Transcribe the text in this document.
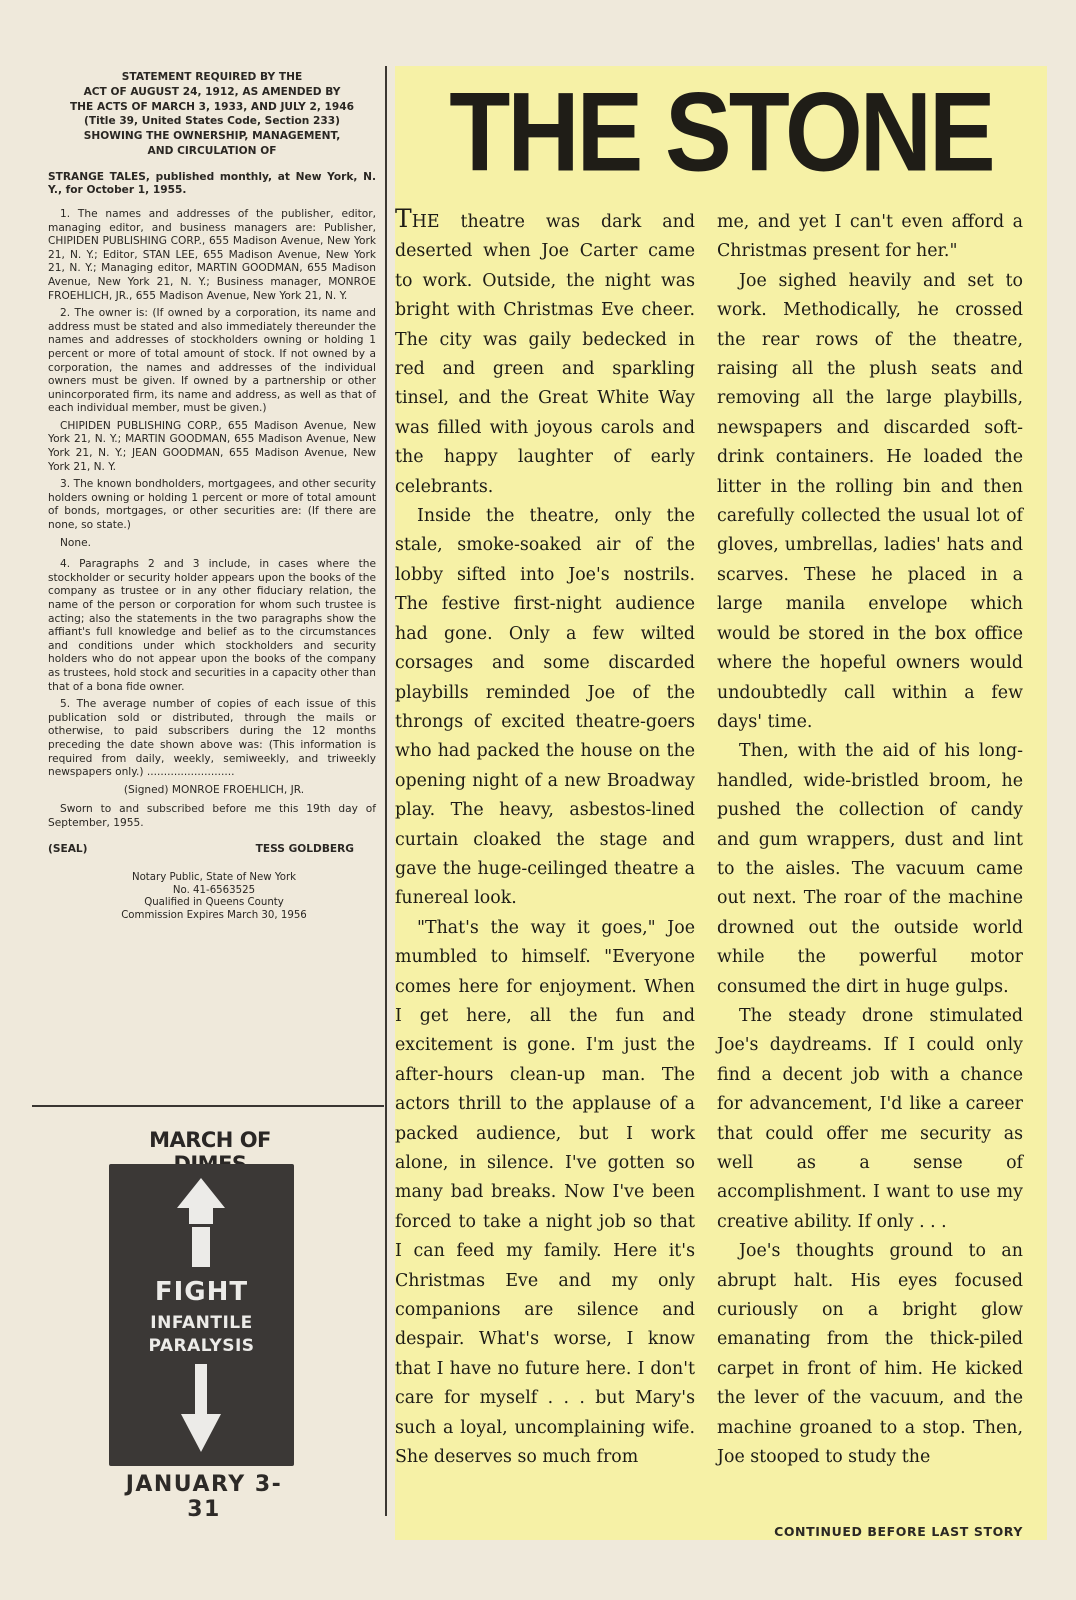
STATEMENT REQUIRED BY THE
ACT OF AUGUST 24, 1912, AS AMENDED BY
THE ACTS OF MARCH 3, 1933, AND JULY 2, 1946
(Title 39, United States Code, Section 233)
SHOWING THE OWNERSHIP, MANAGEMENT,
AND CIRCULATION OF

STRANGE TALES, published monthly, at New York, N. Y., for October 1, 1955.

1. The names and addresses of the publisher, editor, managing editor, and business managers are: Publisher, CHIPIDEN PUBLISHING CORP., 655 Madison Avenue, New York 21, N. Y.; Editor, STAN LEE, 655 Madison Avenue, New York 21, N. Y.; Managing editor, MARTIN GOODMAN, 655 Madison Avenue, New York 21, N. Y.; Business manager, MONROE FROEHLICH, JR., 655 Madison Avenue, New York 21, N. Y.

2. The owner is: (If owned by a corporation, its name and address must be stated and also immediately thereunder the names and addresses of stockholders owning or holding 1 percent or more of total amount of stock. If not owned by a corporation, the names and addresses of the individual owners must be given. If owned by a partnership or other unincorporated firm, its name and address, as well as that of each individual member, must be given.)

CHIPIDEN PUBLISHING CORP., 655 Madison Avenue, New York 21, N. Y.; MARTIN GOODMAN, 655 Madison Avenue, New York 21, N. Y.; JEAN GOODMAN, 655 Madison Avenue, New York 21, N. Y.

3. The known bondholders, mortgagees, and other security holders owning or holding 1 percent or more of total amount of bonds, mortgages, or other securities are: (If there are none, so state.)

None.

4. Paragraphs 2 and 3 include, in cases where the stockholder or security holder appears upon the books of the company as trustee or in any other fiduciary relation, the name of the person or corporation for whom such trustee is acting; also the statements in the two paragraphs show the affiant's full knowledge and belief as to the circumstances and conditions under which stockholders and security holders who do not appear upon the books of the company as trustees, hold stock and securities in a capacity other than that of a bona fide owner.

5. The average number of copies of each issue of this publication sold or distributed, through the mails or otherwise, to paid subscribers during the 12 months preceding the date shown above was: (This information is required from daily, weekly, semiweekly, and triweekly newspapers only.) ..........................

(Signed) MONROE FROEHLICH, JR.

Sworn to and subscribed before me this 19th day of September, 1955.

(SEAL)	TESS GOLDBERG
Notary Public, State of New York
No. 41-6563525
Qualified in Queens County
Commission Expires March 30, 1956
MARCH OF
FIGHT
INFANTILE
PARALYSIS
JANUARY 3-31
THE STONE

THE theatre was dark and deserted when Joe Carter came to work. Outside, the night was bright with Christmas Eve cheer. The city was gaily bedecked in red and green and sparkling tinsel, and the Great White Way was filled with joyous carols and the happy laughter of early celebrants.

Inside the theatre, only the stale, smoke-soaked air of the lobby sifted into Joe's nostrils. The festive first-night audience had gone. Only a few wilted corsages and some discarded playbills reminded Joe of the throngs of excited theatre-goers who had packed the house on the opening night of a new Broadway play. The heavy, asbestos-lined curtain cloaked the stage and gave the huge-ceilinged theatre a funereal look.

"That's the way it goes," Joe mumbled to himself. "Everyone comes here for enjoyment. When I get here, all the fun and excitement is gone. I'm just the after-hours clean-up man. The actors thrill to the applause of a packed audience, but I work alone, in silence. I've gotten so many bad breaks. Now I've been forced to take a night job so that I can feed my family. Here it's Christmas Eve and my only companions are silence and despair. What's worse, I know that I have no future here. I don't care for myself . . . but Mary's such a loyal, uncomplaining wife. She deserves so much from

me, and yet I can't even afford a Christmas present for her."

Joe sighed heavily and set to work. Methodically, he crossed the rear rows of the theatre, raising all the plush seats and removing all the large playbills, newspapers and discarded soft-drink containers. He loaded the litter in the rolling bin and then carefully collected the usual lot of gloves, umbrellas, ladies' hats and scarves. These he placed in a large manila envelope which would be stored in the box office where the hopeful owners would undoubtedly call within a few days' time.

Then, with the aid of his long-handled, wide-bristled broom, he pushed the collection of candy and gum wrappers, dust and lint to the aisles. The vacuum came out next. The roar of the machine drowned out the outside world while the powerful motor consumed the dirt in huge gulps.

The steady drone stimulated Joe's daydreams. If I could only find a decent job with a chance for advancement, I'd like a career that could offer me security as well as a sense of accomplishment. I want to use my creative ability. If only . . .

Joe's thoughts ground to an abrupt halt. His eyes focused curiously on a bright glow emanating from the thick-piled carpet in front of him. He kicked the lever of the vacuum, and the machine groaned to a stop. Then, Joe stooped to study the

CONTINUED BEFORE LAST STORY
